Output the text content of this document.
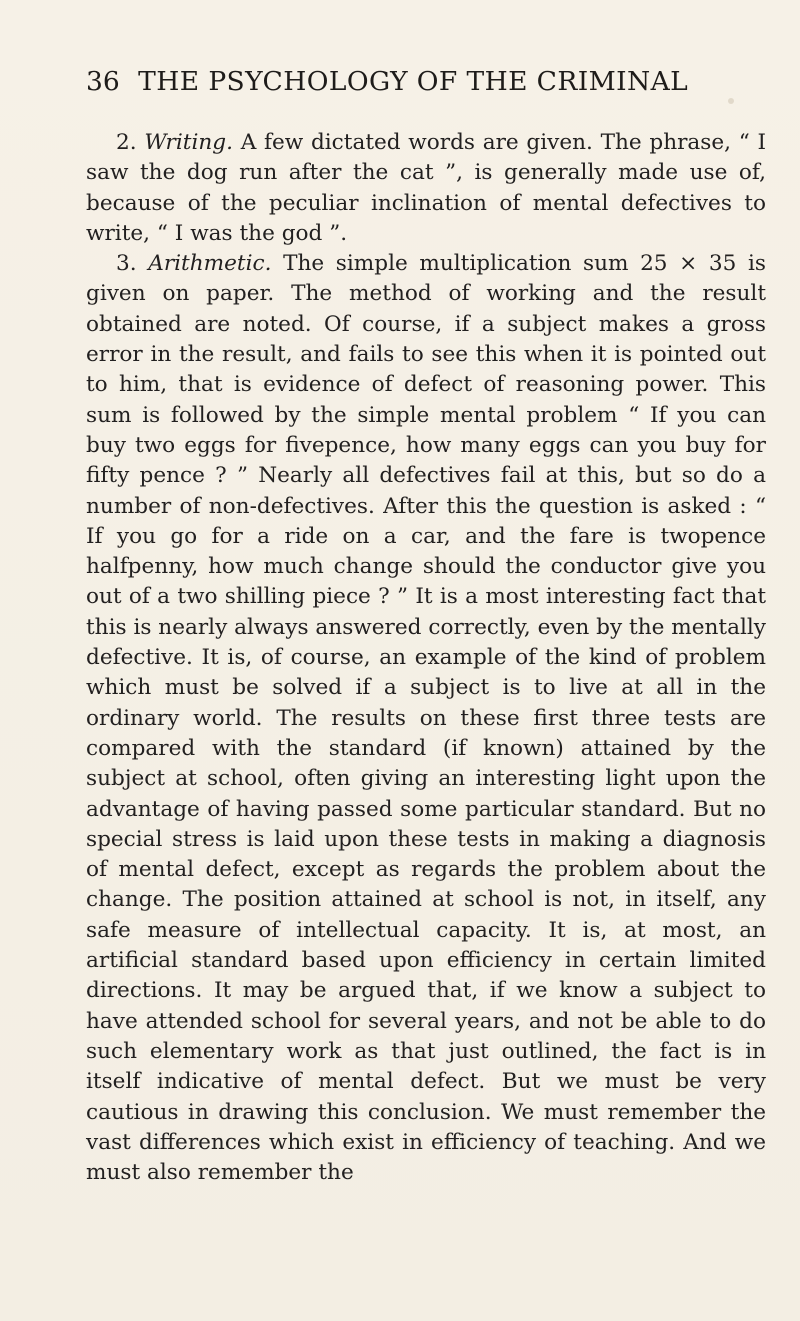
36 THE PSYCHOLOGY OF THE CRIMINAL

2. Writing. A few dictated words are given. The phrase, “ I saw the dog run after the cat ”, is generally made use of, because of the peculiar inclination of mental defectives to write, “ I was the god ”.

3. Arithmetic. The simple multiplication sum 25 × 35 is given on paper. The method of working and the result obtained are noted. Of course, if a subject makes a gross error in the result, and fails to see this when it is pointed out to him, that is evidence of defect of reasoning power. This sum is followed by the simple mental problem “ If you can buy two eggs for fivepence, how many eggs can you buy for fifty pence ? ” Nearly all defectives fail at this, but so do a number of non-defectives. After this the question is asked : “ If you go for a ride on a car, and the fare is twopence halfpenny, how much change should the conductor give you out of a two shilling piece ? ” It is a most interesting fact that this is nearly always answered correctly, even by the mentally defective. It is, of course, an example of the kind of problem which must be solved if a subject is to live at all in the ordinary world. The results on these first three tests are compared with the standard (if known) attained by the subject at school, often giving an interesting light upon the advantage of having passed some particular standard. But no special stress is laid upon these tests in making a diagnosis of mental defect, except as regards the problem about the change. The position attained at school is not, in itself, any safe measure of intellectual capacity. It is, at most, an artificial standard based upon efficiency in certain limited directions. It may be argued that, if we know a subject to have attended school for several years, and not be able to do such elementary work as that just outlined, the fact is in itself indicative of mental defect. But we must be very cautious in drawing this conclusion. We must remember the vast differences which exist in efficiency of teaching. And we must also remember the
